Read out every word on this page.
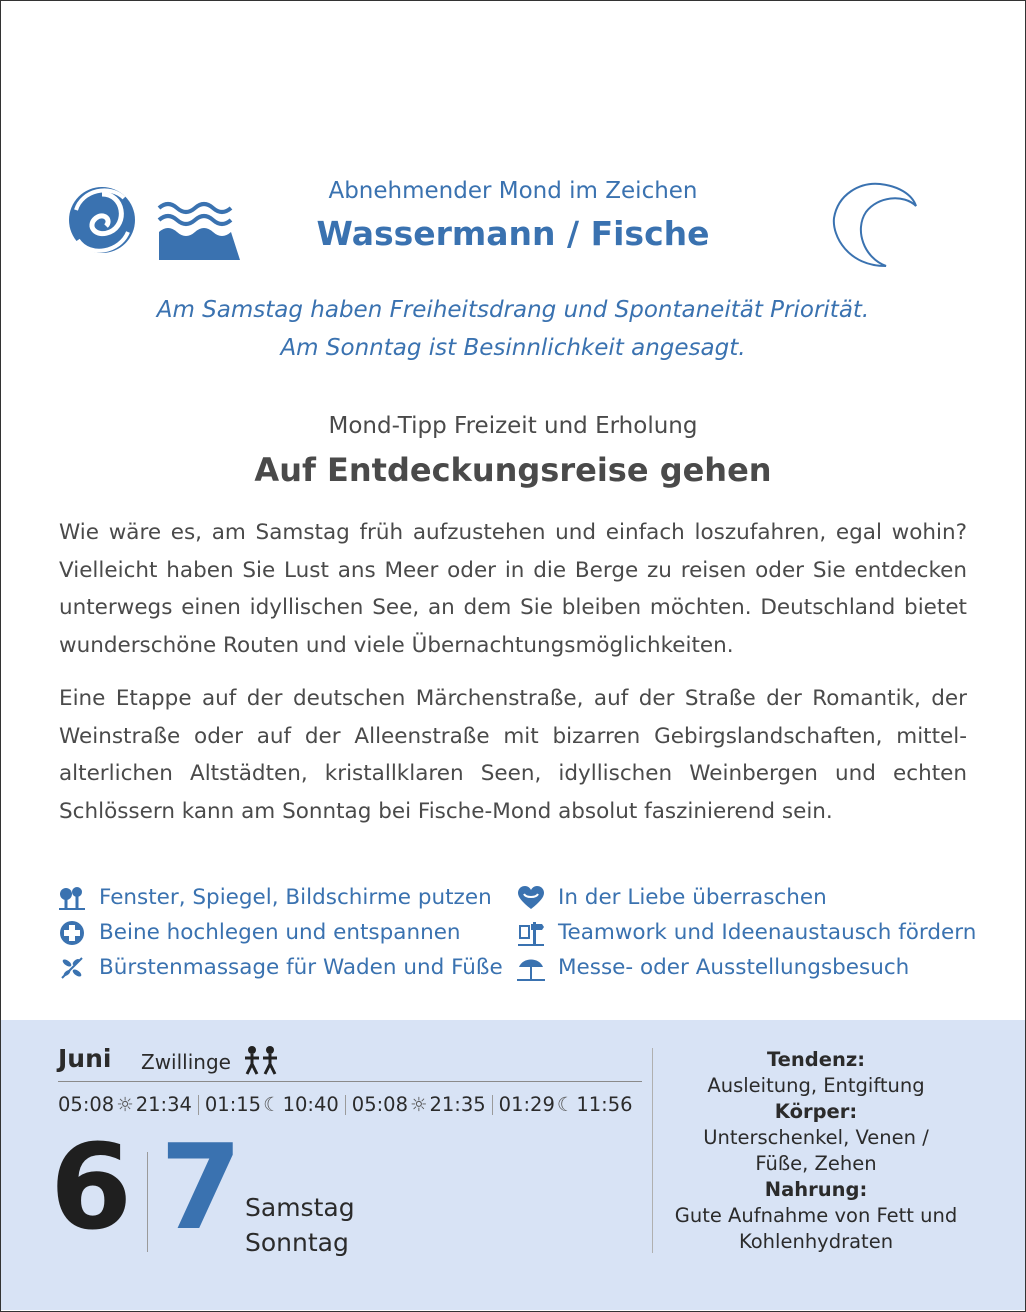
Abnehmender Mond im Zeichen
Wassermann / Fische
Am Samstag haben Freiheitsdrang und Spontaneität Priorität.
Am Sonntag ist Besinnlichkeit angesagt.
Mond-Tipp Freizeit und Erholung
Auf Entdeckungsreise gehen
Wie wäre es, am Samstag früh aufzustehen und einfach loszufahren, egal wohin? Vielleicht haben Sie Lust ans Meer oder in die Berge zu reisen oder Sie entdecken unterwegs einen idyllischen See, an dem Sie bleiben möchten. Deutschland bietet wunderschöne Routen und viele Übernachtungsmöglichkeiten.
Eine Etappe auf der deutschen Märchenstraße, auf der Straße der Romantik, der Weinstraße oder auf der Alleenstraße mit bizarren Gebirgslandschaften, mittel-alterlichen Altstädten, kristallklaren Seen, idyllischen Weinbergen und echten Schlössern kann am Sonntag bei Fische-Mond absolut faszinierend sein.
Fenster, Spiegel, Bildschirme putzen
Beine hochlegen und entspannen
Bürstenmassage für Waden und Füße
In der Liebe überraschen
Teamwork und Ideenaustausch fördern
Messe- oder Ausstellungsbesuch
Juni Zwillinge
05:08 ☼ 21:34 01:15 ☾ 10:40 05:08 ☼ 21:35 01:29 ☾ 11:56
6 7 Samstag
Sonntag
Tendenz:
Ausleitung, Entgiftung
Körper:
Unterschenkel, Venen /
Füße, Zehen
Nahrung:
Gute Aufnahme von Fett und
Kohlenhydraten
